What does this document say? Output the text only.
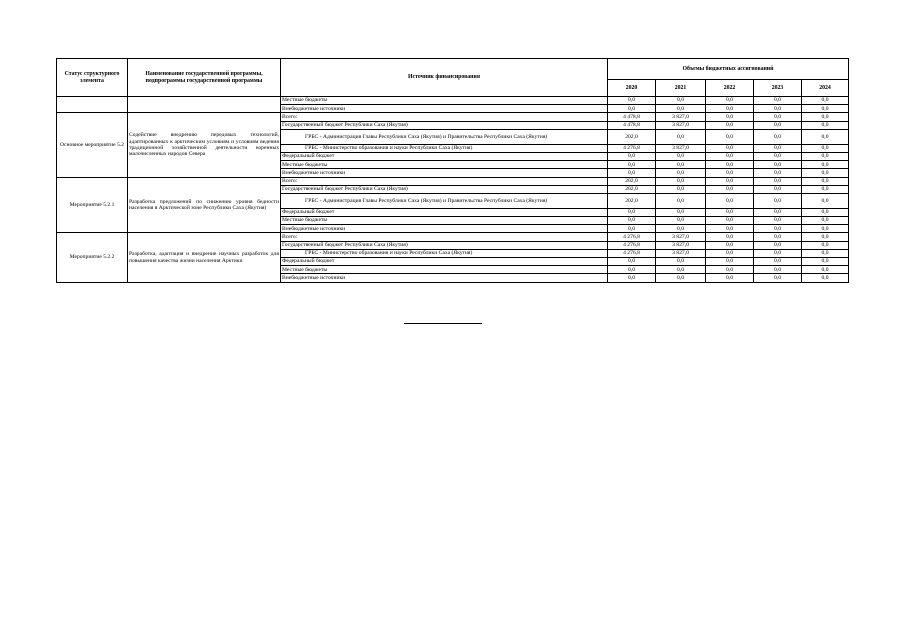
Статус структурного элемента	Наименование государственной программы, подпрограммы государственной программы	Источник финансирования	Объемы бюджетных ассигнований				
			2020	2021	2022	2023	2024
		Местные бюджеты	0,0	0,0	0,0	0,0	0,0
		Внебюджетные источники	0,0	0,0	0,0	0,0	0,0
Основное мероприятие 5.2	Содействие внедрению передовых технологий, адаптированных к арктическим условиям и условиям ведения традиционной хозяйственной деятельности коренных малочисленных народов Севера	Всего:	4 478,8	3 827,0	0,0	0,0	0,0
		Государственный бюджет Республики Саха (Якутия)	4 478,8	3 827,0	0,0	0,0	0,0
		ГРБС - Администрация Главы Республики Саха (Якутия) и Правительства Республики Саха (Якутия)	202,0	0,0	0,0	0,0	0,0
		ГРБС - Министерство образования и науки Республики Саха (Якутия)	4 276,8	3 827,0	0,0	0,0	0,0
		Федеральный бюджет	0,0	0,0	0,0	0,0	0,0
		Местные бюджеты	0,0	0,0	0,0	0,0	0,0
		Внебюджетные источники	0,0	0,0	0,0	0,0	0,0
Мероприятие 5.2.1	Разработка предложений по снижению уровня бедности населения в Арктической зоне Республики Саха (Якутия)	Всего:	202,0	0,0	0,0	0,0	0,0
		Государственный бюджет Республики Саха (Якутия)	202,0	0,0	0,0	0,0	0,0
		ГРБС - Администрация Главы Республики Саха (Якутия) и Правительства Республики Саха (Якутия)	202,0	0,0	0,0	0,0	0,0
		Федеральный бюджет	0,0	0,0	0,0	0,0	0,0
		Местные бюджеты	0,0	0,0	0,0	0,0	0,0
		Внебюджетные источники	0,0	0,0	0,0	0,0	0,0
Мероприятие 5.2.2	Разработка, адаптация и внедрение научных разработок для повышения качества жизни населения Арктики	Всего:	4 276,8	3 827,0	0,0	0,0	0,0
		Государственный бюджет Республики Саха (Якутия)	4 276,8	3 827,0	0,0	0,0	0,0
		ГРБС - Министерство образования и науки Республики Саха (Якутия)	4 276,8	3 827,0	0,0	0,0	0,0
		Федеральный бюджет	0,0	0,0	0,0	0,0	0,0
		Местные бюджеты	0,0	0,0	0,0	0,0	0,0
		Внебюджетные источники	0,0	0,0	0,0	0,0	0,0
